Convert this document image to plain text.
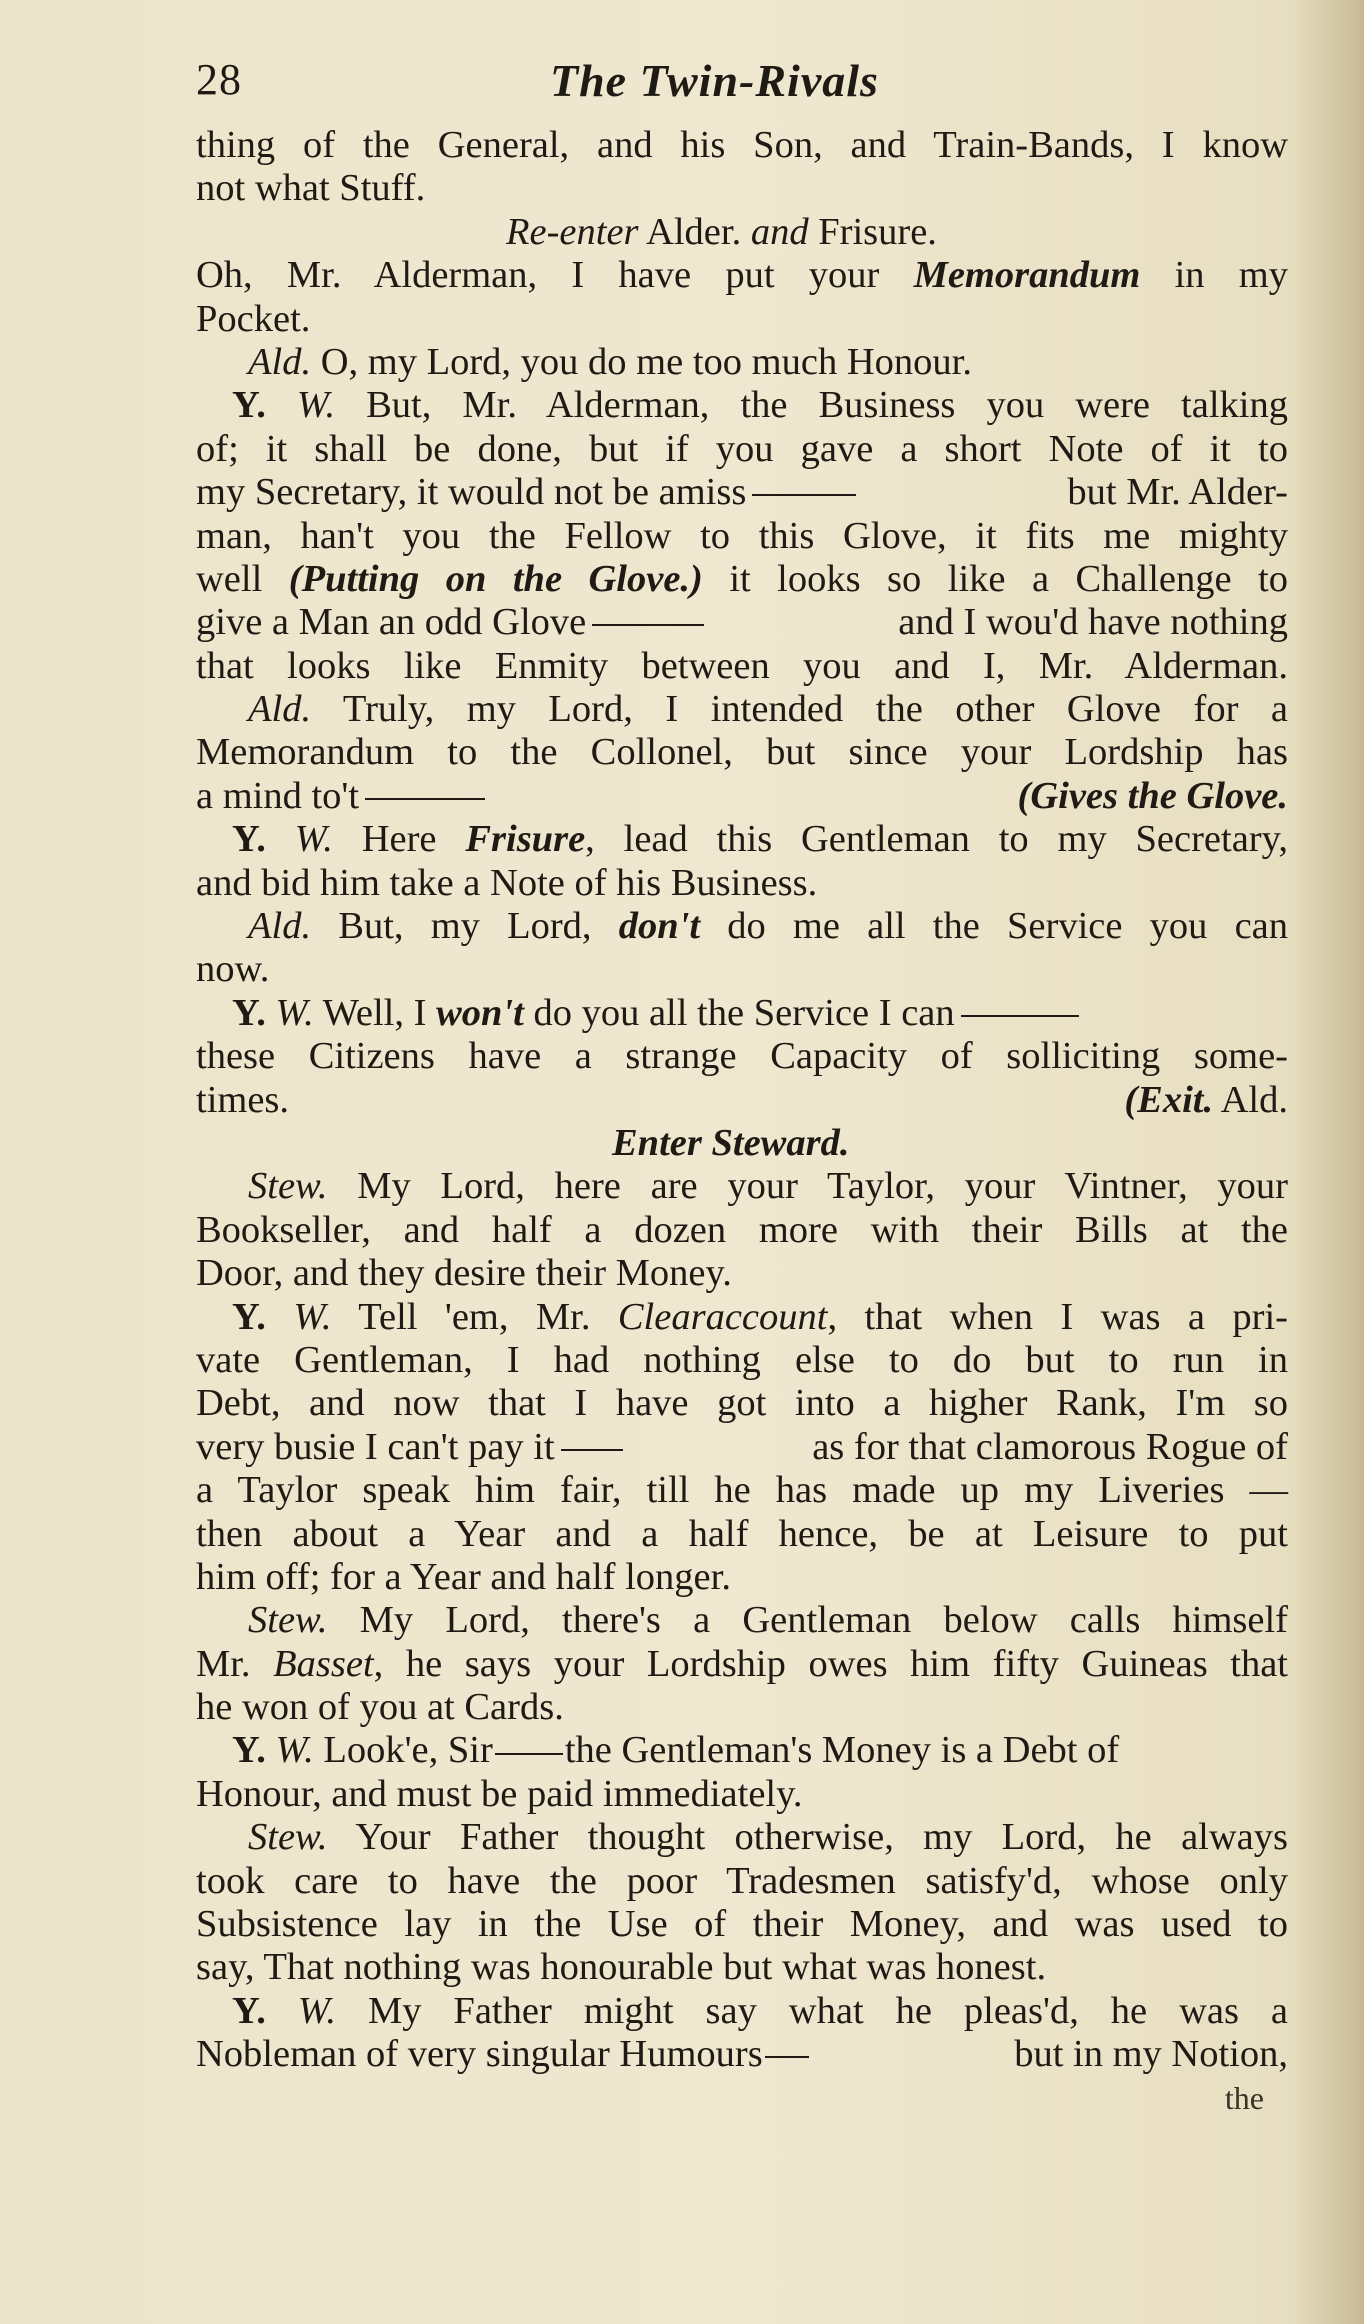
28	The Twin-Rivals
thing of the General, and his Son, and Train-Bands, I know
not what Stuff.
Re-enter Alder. and Frisure.
Oh, Mr. Alderman, I have put your Memorandum in my
Pocket.
Ald. O, my Lord, you do me too much Honour.
Y. W. But, Mr. Alderman, the Business you were talking
of; it shall be done, but if you gave a short Note of it to
my Secretary, it would not be amiss	but Mr. Alder-
man, han't you the Fellow to this Glove, it fits me mighty
well (Putting on the Glove.) it looks so like a Challenge to
give a Man an odd Glove	and I wou'd have nothing
that looks like Enmity between you and I, Mr. Alderman.
Ald. Truly, my Lord, I intended the other Glove for a
Memorandum to the Collonel, but since your Lordship has
a mind to't	(Gives the Glove.
Y. W. Here Frisure, lead this Gentleman to my Secretary,
and bid him take a Note of his Business.
Ald. But, my Lord, don't do me all the Service you can
now.
Y. W. Well, I won't do you all the Service I can
these Citizens have a strange Capacity of solliciting some-
times.	(Exit. Ald.
Enter Steward.
Stew. My Lord, here are your Taylor, your Vintner, your
Bookseller, and half a dozen more with their Bills at the
Door, and they desire their Money.
Y. W. Tell 'em, Mr. Clearaccount, that when I was a pri-
vate Gentleman, I had nothing else to do but to run in
Debt, and now that I have got into a higher Rank, I'm so
very busie I can't pay it	as for that clamorous Rogue of
a Taylor speak him fair, till he has made up my Liveries —
then about a Year and a half hence, be at Leisure to put
him off; for a Year and half longer.
Stew. My Lord, there's a Gentleman below calls himself
Mr. Basset, he says your Lordship owes him fifty Guineas that
he won of you at Cards.
Y. W. Look'e, Sir the Gentleman's Money is a Debt of
Honour, and must be paid immediately.
Stew. Your Father thought otherwise, my Lord, he always
took care to have the poor Tradesmen satisfy'd, whose only
Subsistence lay in the Use of their Money, and was used to
say, That nothing was honourable but what was honest.
Y. W. My Father might say what he pleas'd, he was a
Nobleman of very singular Humours	but in my Notion,
the
